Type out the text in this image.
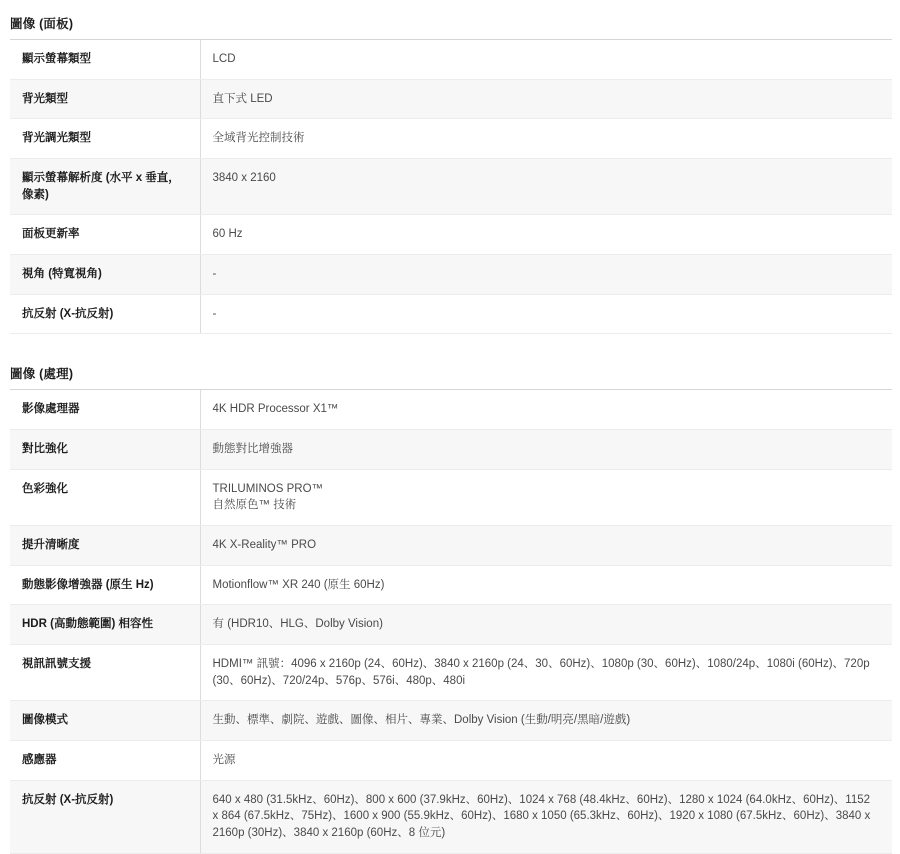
圖像 (面板)
顯示螢幕類型	LCD

背光類型	直下式 LED

背光調光類型	全域背光控制技術

顯示螢幕解析度 (水平 x 垂直，像素)	3840 x 2160

面板更新率	60 Hz

視角 (特寬視角)	-

抗反射 (X-抗反射)	-
圖像 (處理)
影像處理器	4K HDR Processor X1™

對比強化	動態對比增強器

色彩強化	TRILUMINOS PRO™
自然原色™ 技術

提升清晰度	4K X-Reality™ PRO

動態影像增強器 (原生 Hz)	Motionflow™ XR 240 (原生 60Hz)

HDR (高動態範圍) 相容性	有 (HDR10、HLG、Dolby Vision)

視訊訊號支援	HDMI™ 訊號：4096 x 2160p (24、60Hz)、3840 x 2160p (24、30、60Hz)、1080p (30、60Hz)、1080/24p、1080i (60Hz)、720p (30、60Hz)、720/24p、576p、576i、480p、480i

圖像模式	生動、標準、劇院、遊戲、圖像、相片、專業、Dolby Vision (生動/明亮/黑暗/遊戲)

感應器	光源

抗反射 (X-抗反射)	640 x 480 (31.5kHz、60Hz)、800 x 600 (37.9kHz、60Hz)、1024 x 768 (48.4kHz、60Hz)、1280 x 1024 (64.0kHz、60Hz)、1152 x 864 (67.5kHz、75Hz)、1600 x 900 (55.9kHz、60Hz)、1680 x 1050 (65.3kHz、60Hz)、1920 x 1080 (67.5kHz、60Hz)、3840 x 2160p (30Hz)、3840 x 2160p (60Hz、8 位元)
